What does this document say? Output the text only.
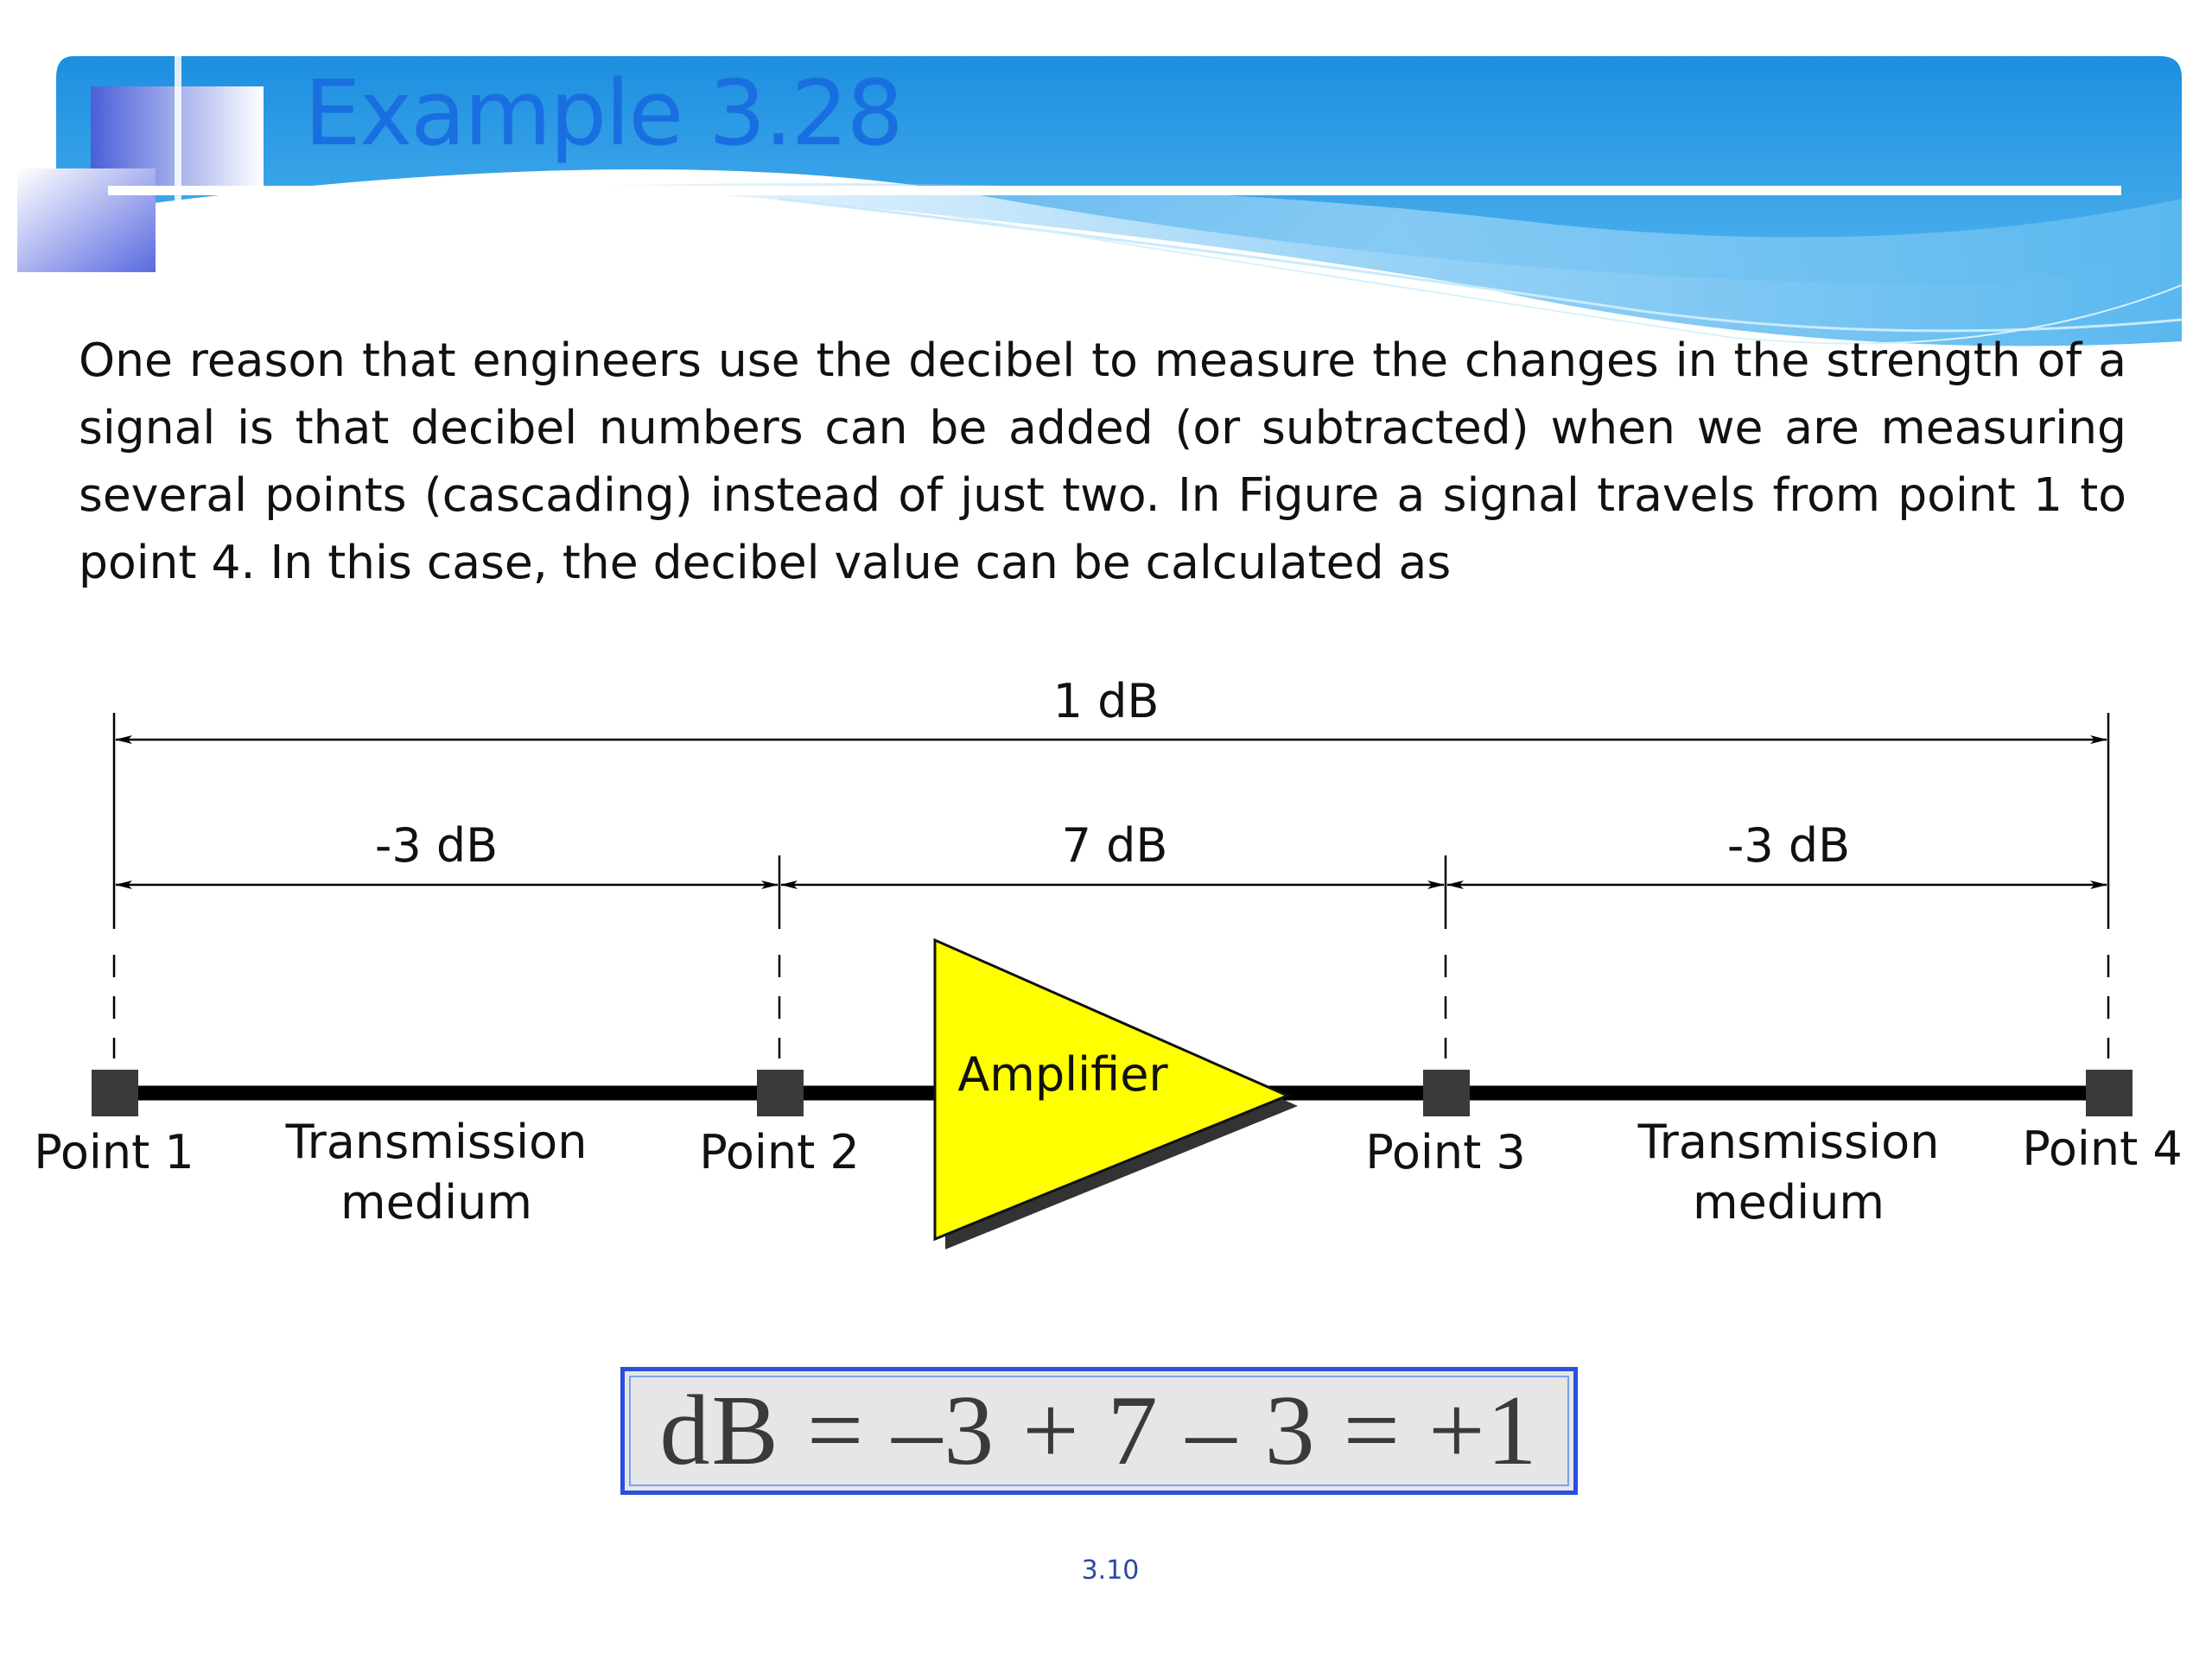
Example 3.28

One reason that engineers use the decibel to measure the changes in the strength of a signal is that decibel numbers can be added (or subtracted) when we are measuring several points (cascading) instead of just two. In Figure a signal travels from point 1 to point 4. In this case, the decibel value can be calculated as

1 dB
-3 dB	7 dB	-3 dB
Amplifier
Point 1	Point 2	Point 3	Point 4
Transmission
medium
Transmission
medium
dB = –3 + 7 – 3 = +1
3.10
